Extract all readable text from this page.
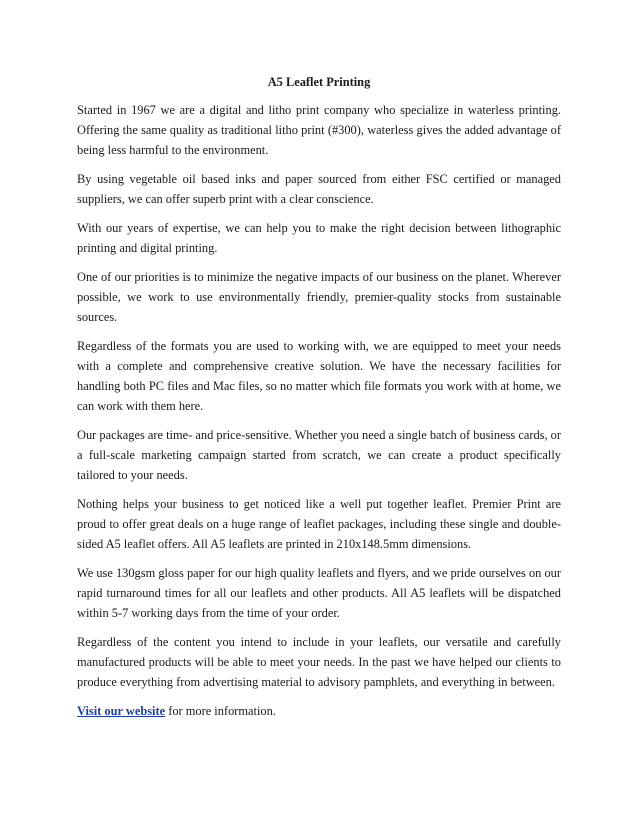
A5 Leaflet Printing

Started in 1967 we are a digital and litho print company who specialize in waterless printing. Offering the same quality as traditional litho print (#300), waterless gives the added advantage of being less harmful to the environment.

By using vegetable oil based inks and paper sourced from either FSC certified or managed suppliers, we can offer superb print with a clear conscience.

With our years of expertise, we can help you to make the right decision between lithographic printing and digital printing.

One of our priorities is to minimize the negative impacts of our business on the planet. Wherever possible, we work to use environmentally friendly, premier-quality stocks from sustainable sources.

Regardless of the formats you are used to working with, we are equipped to meet your needs with a complete and comprehensive creative solution. We have the necessary facilities for handling both PC files and Mac files, so no matter which file formats you work with at home, we can work with them here.

Our packages are time- and price-sensitive. Whether you need a single batch of business cards, or a full-scale marketing campaign started from scratch, we can create a product specifically tailored to your needs.

Nothing helps your business to get noticed like a well put together leaflet. Premier Print are proud to offer great deals on a huge range of leaflet packages, including these single and double-sided A5 leaflet offers. All A5 leaflets are printed in 210x148.5mm dimensions.

We use 130gsm gloss paper for our high quality leaflets and flyers, and we pride ourselves on our rapid turnaround times for all our leaflets and other products. All A5 leaflets will be dispatched within 5-7 working days from the time of your order.

Regardless of the content you intend to include in your leaflets, our versatile and carefully manufactured products will be able to meet your needs. In the past we have helped our clients to produce everything from advertising material to advisory pamphlets, and everything in between.

Visit our website for more information.
